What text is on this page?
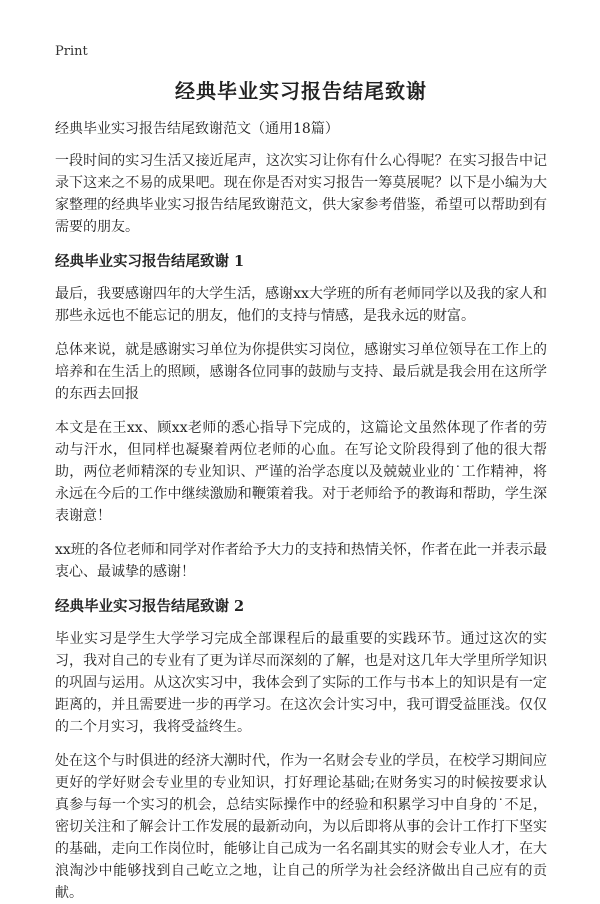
Print
经典毕业实习报告结尾致谢
经典毕业实习报告结尾致谢范文（通用18篇）

一段时间的实习生活又接近尾声，这次实习让你有什么心得呢？在实习报告中记录下这来之不易的成果吧。现在你是否对实习报告一筹莫展呢？以下是小编为大家整理的经典毕业实习报告结尾致谢范文，供大家参考借鉴，希望可以帮助到有需要的朋友。

经典毕业实习报告结尾致谢 1

最后，我要感谢四年的大学生活，感谢xx大学班的所有老师同学以及我的家人和那些永远也不能忘记的朋友，他们的支持与情感，是我永远的财富。

总体来说，就是感谢实习单位为你提供实习岗位，感谢实习单位领导在工作上的培养和在生活上的照顾，感谢各位同事的鼓励与支持、最后就是我会用在这所学的东西去回报

本文是在王xx、顾xx老师的悉心指导下完成的，这篇论文虽然体现了作者的劳动与汗水，但同样也凝聚着两位老师的心血。在写论文阶段得到了他的很大帮助，两位老师精深的专业知识、严谨的治学态度以及兢兢业业的˙工作精神，将永远在今后的工作中继续激励和鞭策着我。对于老师给予的教诲和帮助，学生深表谢意！

xx班的各位老师和同学对作者给予大力的支持和热情关怀，作者在此一并表示最衷心、最诚挚的感谢！

经典毕业实习报告结尾致谢 2

毕业实习是学生大学学习完成全部课程后的最重要的实践环节。通过这次的实习，我对自己的专业有了更为详尽而深刻的了解，也是对这几年大学里所学知识的巩固与运用。从这次实习中，我体会到了实际的工作与书本上的知识是有一定距离的，并且需要进一步的再学习。在这次会计实习中，我可谓受益匪浅。仅仅的二个月实习，我将受益终生。

处在这个与时俱进的经济大潮时代，作为一名财会专业的学员，在校学习期间应更好的学好财会专业里的专业知识，打好理论基础;在财务实习的时候按要求认真参与每一个实习的机会，总结实际操作中的经验和积累学习中自身的˙不足，密切关注和了解会计工作发展的最新动向，为以后即将从事的会计工作打下坚实的基础，走向工作岗位时，能够让自己成为一名名副其实的财会专业人才，在大浪淘沙中能够找到自己屹立之地，让自己的所学为社会经济做出自己应有的贡献。
